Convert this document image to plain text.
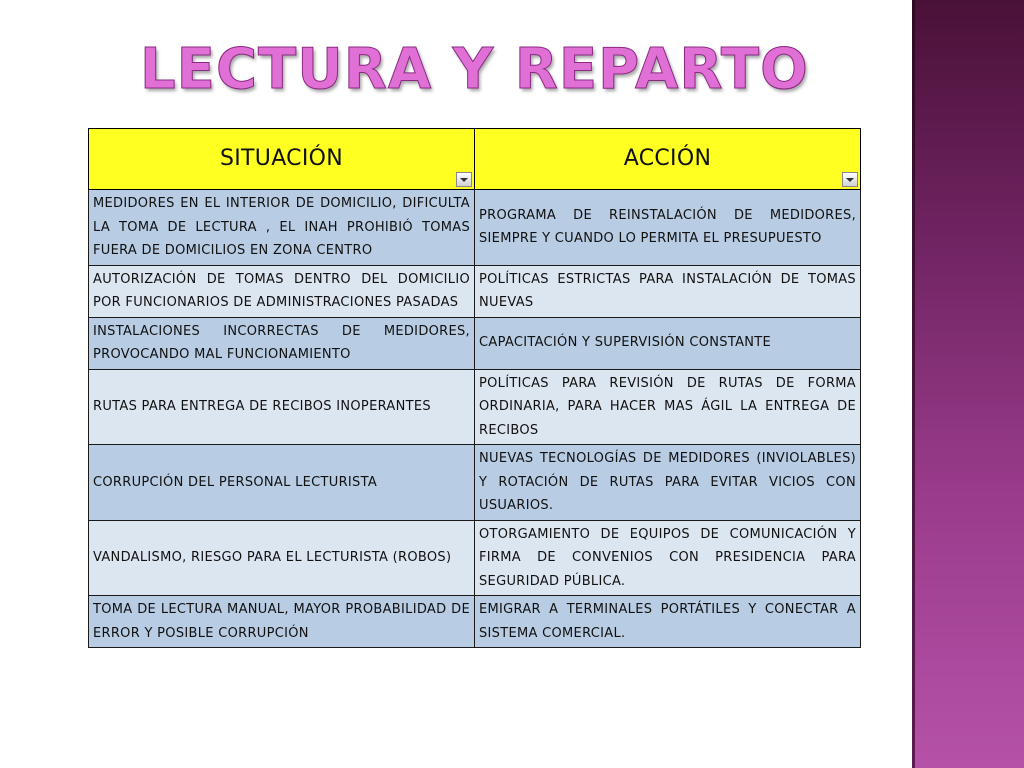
LECTURA Y REPARTO
SITUACIÓN	ACCIÓN

MEDIDORES EN EL INTERIOR DE DOMICILIO, DIFICULTA LA TOMA DE LECTURA , EL INAH PROHIBIÓ TOMAS FUERA DE DOMICILIOS EN ZONA CENTRO	PROGRAMA DE REINSTALACIÓN DE MEDIDORES, SIEMPRE Y CUANDO LO PERMITA EL PRESUPUESTO
AUTORIZACIÓN DE TOMAS DENTRO DEL DOMICILIO POR FUNCIONARIOS DE ADMINISTRACIONES PASADAS	POLÍTICAS ESTRICTAS PARA INSTALACIÓN DE TOMAS NUEVAS
INSTALACIONES INCORRECTAS DE MEDIDORES, PROVOCANDO MAL FUNCIONAMIENTO	CAPACITACIÓN Y SUPERVISIÓN CONSTANTE
RUTAS PARA ENTREGA DE RECIBOS INOPERANTES	POLÍTICAS PARA REVISIÓN DE RUTAS DE FORMA ORDINARIA, PARA HACER MAS ÁGIL LA ENTREGA DE RECIBOS
CORRUPCIÓN DEL PERSONAL LECTURISTA	NUEVAS TECNOLOGÍAS DE MEDIDORES (INVIOLABLES) Y ROTACIÓN DE RUTAS PARA EVITAR VICIOS CON USUARIOS.
VANDALISMO, RIESGO PARA EL LECTURISTA (ROBOS)	OTORGAMIENTO DE EQUIPOS DE COMUNICACIÓN Y FIRMA DE CONVENIOS CON PRESIDENCIA PARA SEGURIDAD PÚBLICA.
TOMA DE LECTURA MANUAL, MAYOR PROBABILIDAD DE ERROR Y POSIBLE CORRUPCIÓN	EMIGRAR A TERMINALES PORTÁTILES Y CONECTAR A SISTEMA COMERCIAL.
